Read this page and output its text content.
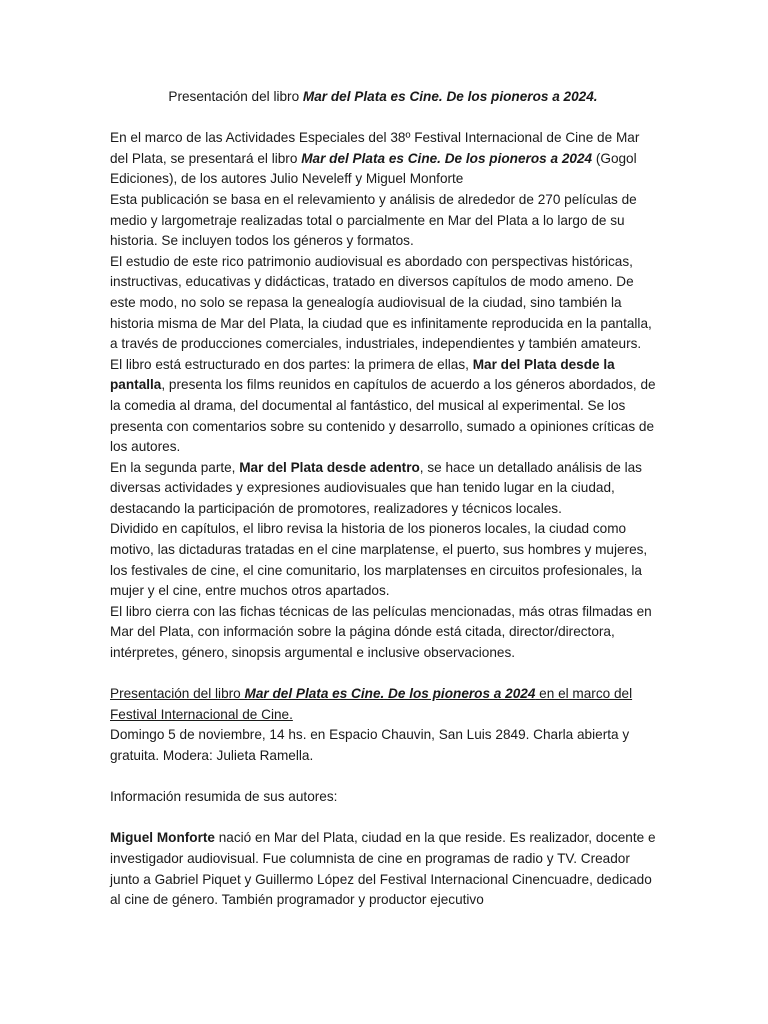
Presentación del libro Mar del Plata es Cine. De los pioneros a 2024.

En el marco de las Actividades Especiales del 38º Festival Internacional de Cine de Mar del Plata, se presentará el libro Mar del Plata es Cine. De los pioneros a 2024 (Gogol Ediciones), de los autores Julio Neveleff y Miguel Monforte

Esta publicación se basa en el relevamiento y análisis de alrededor de 270 películas de medio y largometraje realizadas total o parcialmente en Mar del Plata a lo largo de su historia. Se incluyen todos los géneros y formatos.

El estudio de este rico patrimonio audiovisual es abordado con perspectivas históricas, instructivas, educativas y didácticas, tratado en diversos capítulos de modo ameno. De este modo, no solo se repasa la genealogía audiovisual de la ciudad, sino también la historia misma de Mar del Plata, la ciudad que es infinitamente reproducida en la pantalla, a través de producciones comerciales, industriales, independientes y también amateurs.

El libro está estructurado en dos partes: la primera de ellas, Mar del Plata desde la pantalla, presenta los films reunidos en capítulos de acuerdo a los géneros abordados, de la comedia al drama, del documental al fantástico, del musical al experimental. Se los presenta con comentarios sobre su contenido y desarrollo, sumado a opiniones críticas de los autores.

En la segunda parte, Mar del Plata desde adentro, se hace un detallado análisis de las diversas actividades y expresiones audiovisuales que han tenido lugar en la ciudad, destacando la participación de promotores, realizadores y técnicos locales.

Dividido en capítulos, el libro revisa la historia de los pioneros locales, la ciudad como motivo, las dictaduras tratadas en el cine marplatense, el puerto, sus hombres y mujeres, los festivales de cine, el cine comunitario, los marplatenses en circuitos profesionales, la mujer y el cine, entre muchos otros apartados.

El libro cierra con las fichas técnicas de las películas mencionadas, más otras filmadas en Mar del Plata, con información sobre la página dónde está citada, director/directora, intérpretes, género, sinopsis argumental e inclusive observaciones.

Presentación del libro Mar del Plata es Cine. De los pioneros a 2024 en el marco del Festival Internacional de Cine.

Domingo 5 de noviembre, 14 hs. en Espacio Chauvin, San Luis 2849. Charla abierta y gratuita. Modera: Julieta Ramella.

Información resumida de sus autores:

Miguel Monforte nació en Mar del Plata, ciudad en la que reside. Es realizador, docente e investigador audiovisual. Fue columnista de cine en programas de radio y TV. Creador junto a Gabriel Piquet y Guillermo López del Festival Internacional Cinencuadre, dedicado al cine de género. También programador y productor ejecutivo
